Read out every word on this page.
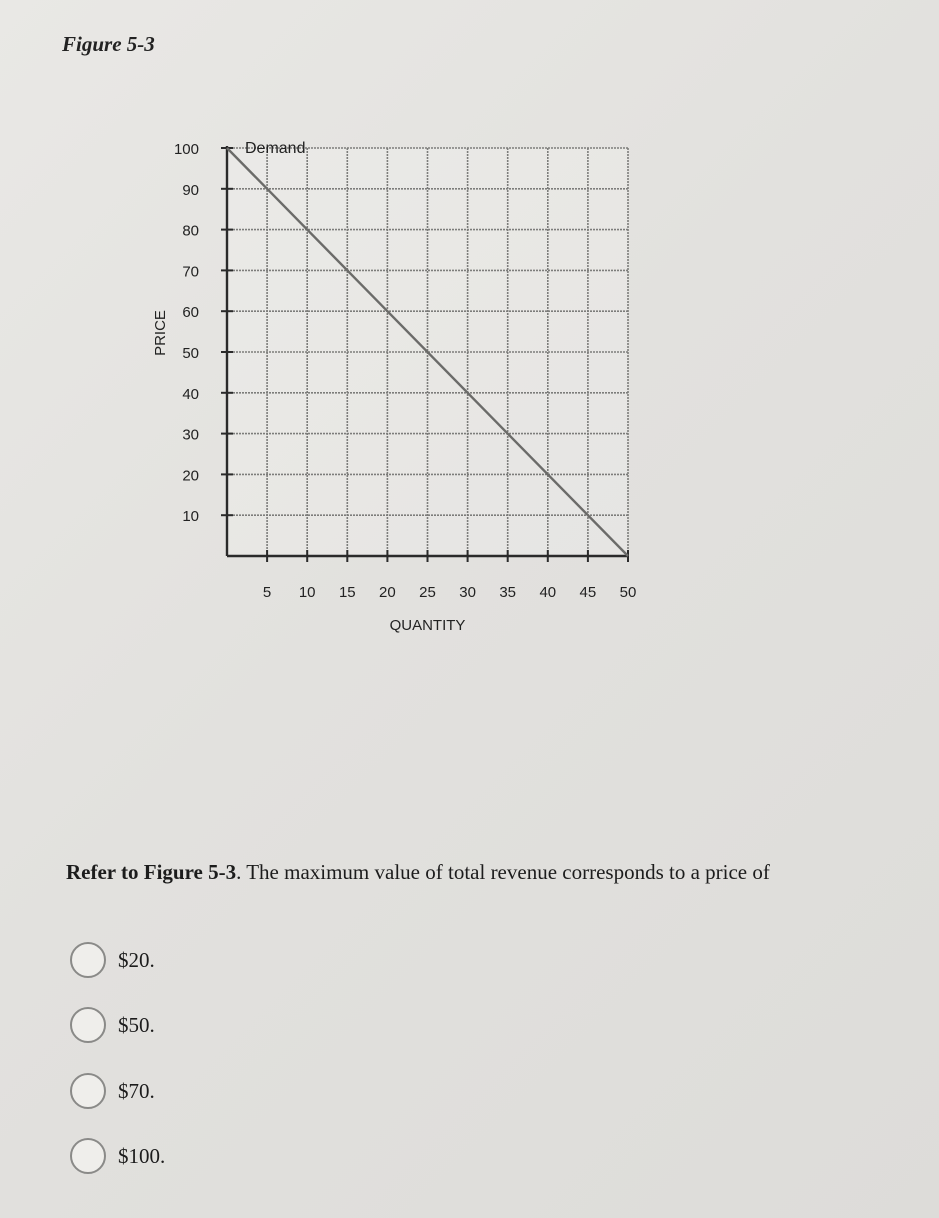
Figure 5-3
5 10 15 20 25 30 35 40 45 50
10
20
30
40
50
60
70
80
90
100
QUANTITY
PRICE
Demand
Refer to Figure 5-3. The maximum value of total revenue corresponds to a price of
$20.
$50.
$70.
$100.
